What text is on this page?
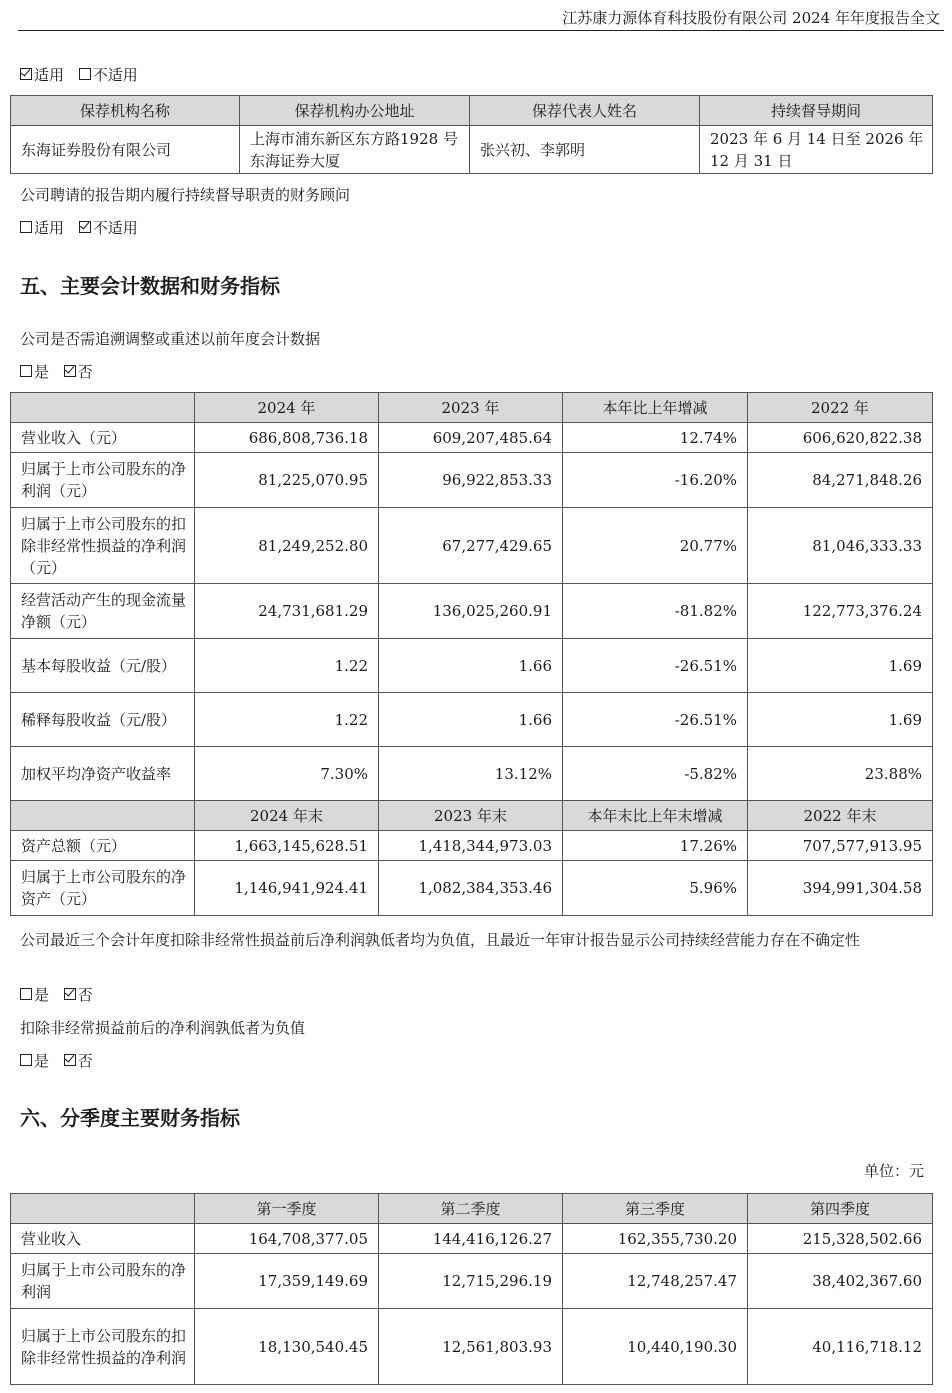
江苏康力源体育科技股份有限公司 2024 年年度报告全文
适用 不适用
保荐机构名称	保荐机构办公地址	保荐代表人姓名	持续督导期间
东海证券股份有限公司	上海市浦东新区东方路1928 号东海证券大厦	张兴初、李郭明	2023 年 6 月 14 日至 2026 年 12 月 31 日
公司聘请的报告期内履行持续督导职责的财务顾问
适用 不适用
五、主要会计数据和财务指标
公司是否需追溯调整或重述以前年度会计数据
是 否
	2024 年	2023 年	本年比上年增减	2022 年
营业收入（元）	686,808,736.18	609,207,485.64	12.74%	606,620,822.38
归属于上市公司股东的净利润（元）	81,225,070.95	96,922,853.33	-16.20%	84,271,848.26
归属于上市公司股东的扣除非经常性损益的净利润（元）	81,249,252.80	67,277,429.65	20.77%	81,046,333.33
经营活动产生的现金流量净额（元）	24,731,681.29	136,025,260.91	-81.82%	122,773,376.24
基本每股收益（元/股）	1.22	1.66	-26.51%	1.69
稀释每股收益（元/股）	1.22	1.66	-26.51%	1.69
加权平均净资产收益率	7.30%	13.12%	-5.82%	23.88%
	2024 年末	2023 年末	本年末比上年末增减	2022 年末
资产总额（元）	1,663,145,628.51	1,418,344,973.03	17.26%	707,577,913.95
归属于上市公司股东的净资产（元）	1,146,941,924.41	1,082,384,353.46	5.96%	394,991,304.58
公司最近三个会计年度扣除非经常性损益前后净利润孰低者均为负值，且最近一年审计报告显示公司持续经营能力存在不确定性
是 否
扣除非经常损益前后的净利润孰低者为负值
是 否
六、分季度主要财务指标
单位：元
	第一季度	第二季度	第三季度	第四季度
营业收入	164,708,377.05	144,416,126.27	162,355,730.20	215,328,502.66
归属于上市公司股东的净利润	17,359,149.69	12,715,296.19	12,748,257.47	38,402,367.60
归属于上市公司股东的扣除非经常性损益的净利润	18,130,540.45	12,561,803.93	10,440,190.30	40,116,718.12
